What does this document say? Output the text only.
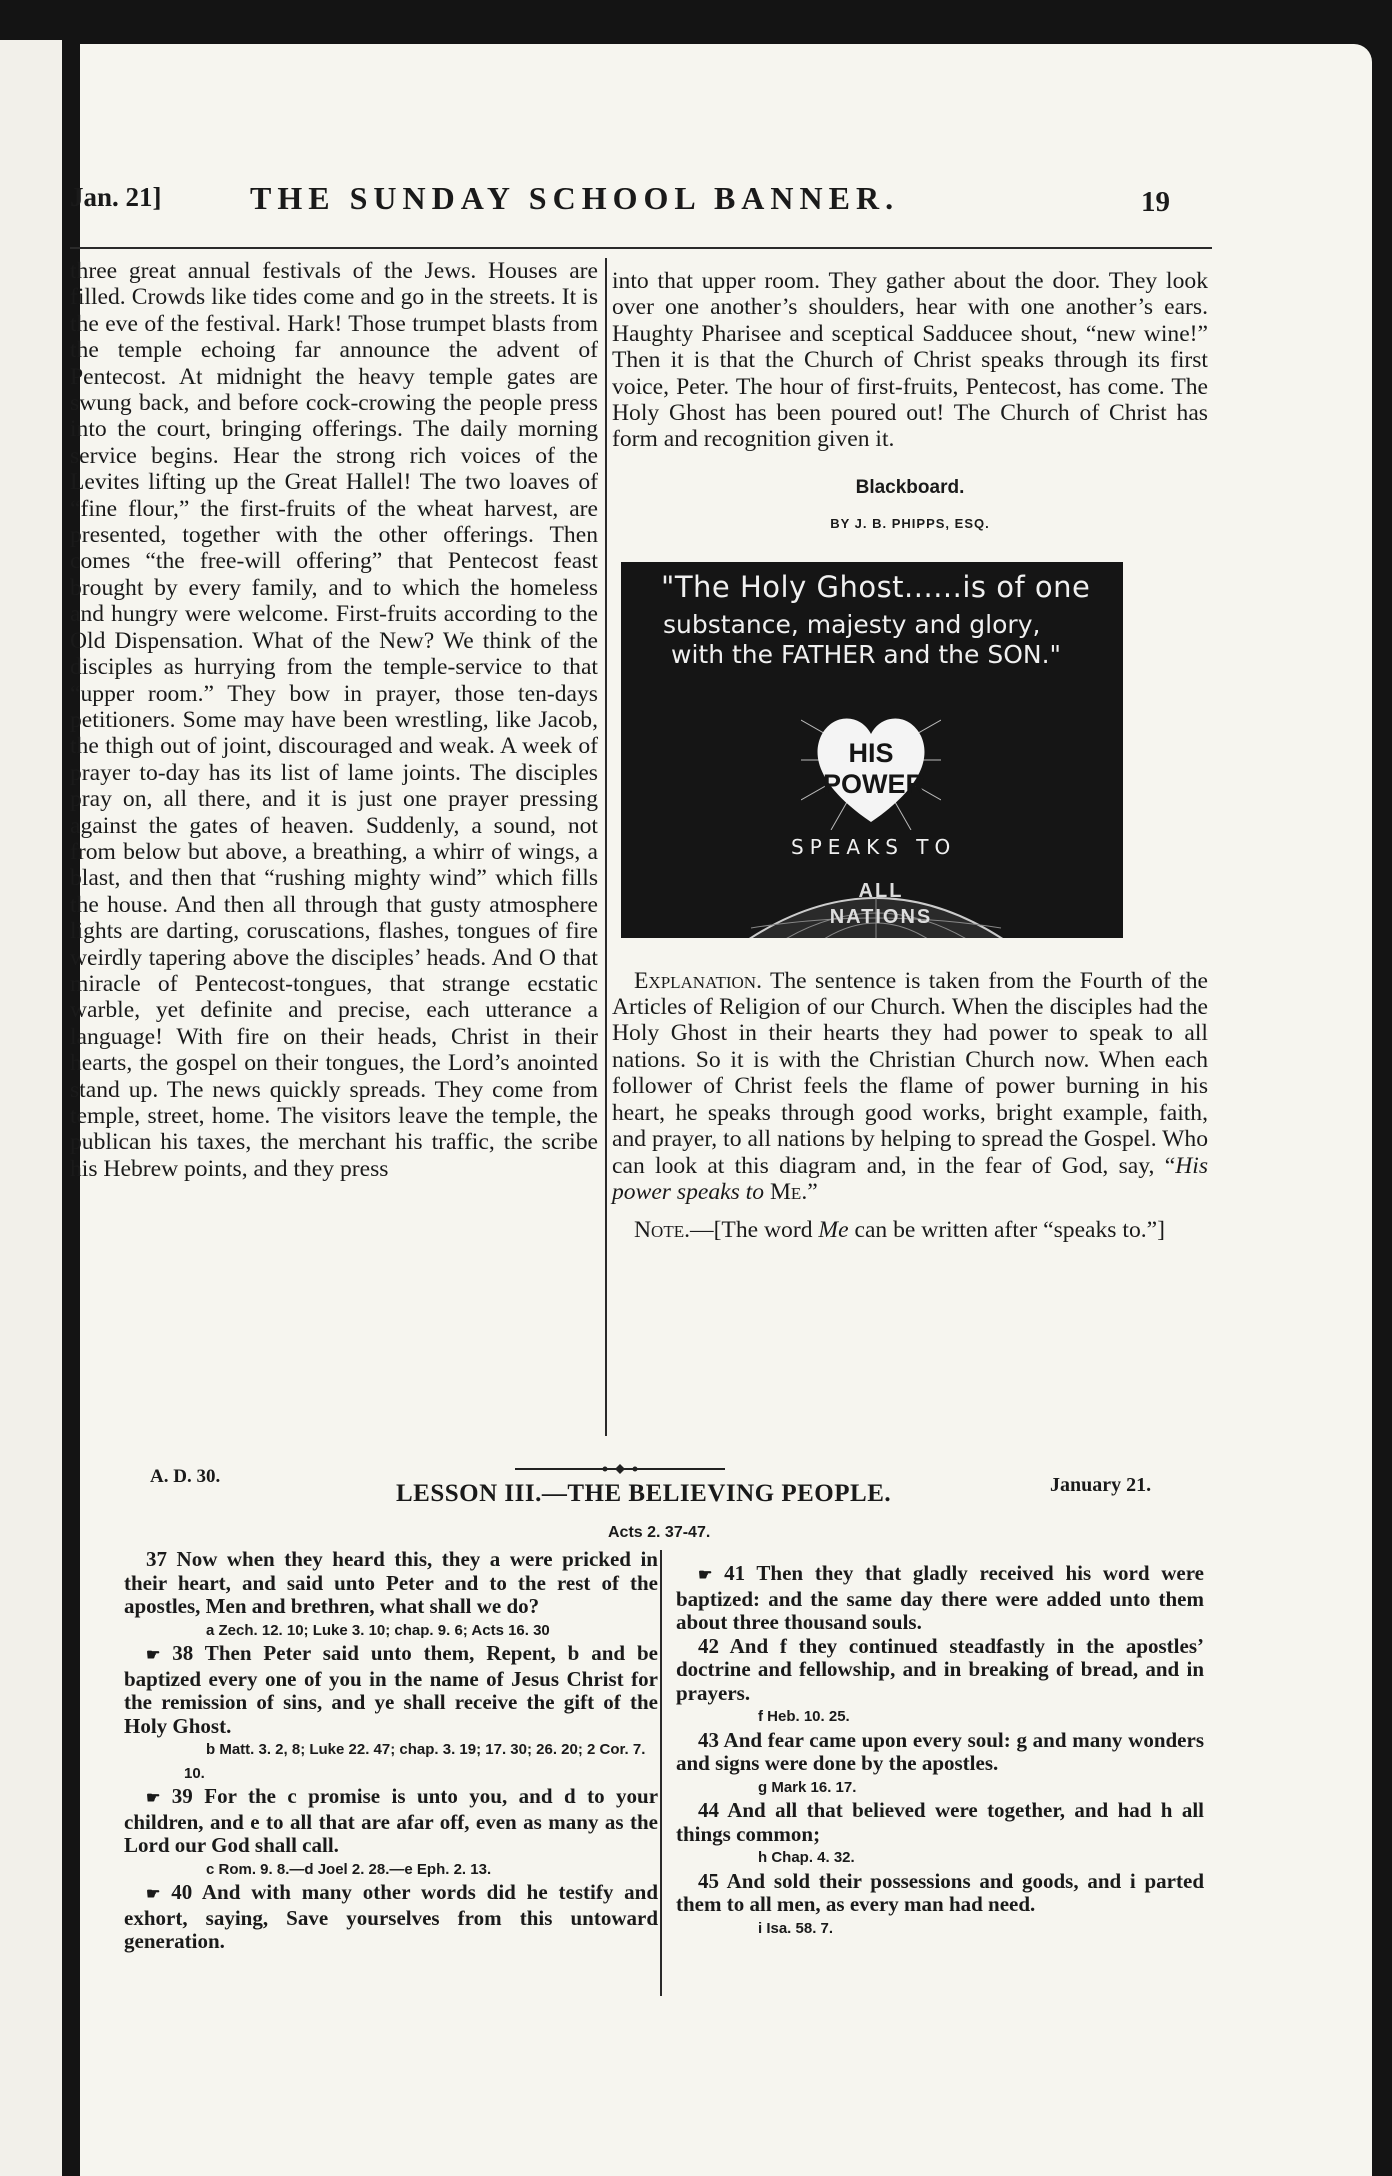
Jan. 21]	THE SUNDAY SCHOOL BANNER.	19

three great annual festivals of the Jews. Houses are filled. Crowds like tides come and go in the streets. It is the eve of the festival. Hark! Those trumpet blasts from the temple echoing far announce the advent of Pentecost. At midnight the heavy temple gates are swung back, and before cock-crowing the people press into the court, bringing offerings. The daily morning service begins. Hear the strong rich voices of the Levites lifting up the Great Hallel! The two loaves of “fine flour,” the first-fruits of the wheat harvest, are presented, together with the other offerings. Then comes “the free-will offering” that Pentecost feast brought by every family, and to which the homeless and hungry were welcome. First-fruits according to the Old Dispensation. What of the New? We think of the disciples as hurrying from the temple-service to that “upper room.” They bow in prayer, those ten-days petitioners. Some may have been wrestling, like Jacob, the thigh out of joint, discouraged and weak. A week of prayer to-day has its list of lame joints. The disciples pray on, all there, and it is just one prayer pressing against the gates of heaven. Suddenly, a sound, not from below but above, a breathing, a whirr of wings, a blast, and then that “rushing mighty wind” which fills the house. And then all through that gusty atmosphere lights are darting, coruscations, flashes, tongues of fire weirdly tapering above the disciples’ heads. And O that miracle of Pentecost-tongues, that strange ecstatic warble, yet definite and precise, each utterance a language! With fire on their heads, Christ in their hearts, the gospel on their tongues, the Lord’s anointed stand up. The news quickly spreads. They come from temple, street, home. The visitors leave the temple, the publican his taxes, the merchant his traffic, the scribe his Hebrew points, and they press

into that upper room. They gather about the door. They look over one another’s shoulders, hear with one another’s ears. Haughty Pharisee and sceptical Sadducee shout, “new wine!” Then it is that the Church of Christ speaks through its first voice, Peter. The hour of first-fruits, Pentecost, has come. The Holy Ghost has been poured out! The Church of Christ has form and recognition given it.

Blackboard.
BY J. B. PHIPPS, ESQ.
"The Holy Ghost......is of one
substance, majesty and glory,
with the FATHER and the SON."
HIS POWER
SPEAKS TO
ALL NATIONS

Explanation. The sentence is taken from the Fourth of the Articles of Religion of our Church. When the disciples had the Holy Ghost in their hearts they had power to speak to all nations. So it is with the Christian Church now. When each follower of Christ feels the flame of power burning in his heart, he speaks through good works, bright example, faith, and prayer, to all nations by helping to spread the Gospel. Who can look at this diagram and, in the fear of God, say, “His power speaks to Me.”

Note.—[The word Me can be written after “speaks to.”]

A. D. 30.	January 21.
LESSON III.—THE BELIEVING PEOPLE.
Acts 2. 37-47.

37 Now when they heard this, they a were pricked in their heart, and said unto Peter and to the rest of the apostles, Men and brethren, what shall we do?

a Zech. 12. 10; Luke 3. 10; chap. 9. 6; Acts 16. 30

☛ 38 Then Peter said unto them, Repent, b and be baptized every one of you in the name of Jesus Christ for the remission of sins, and ye shall receive the gift of the Holy Ghost.

b Matt. 3. 2, 8; Luke 22. 47; chap. 3. 19; 17. 30; 26. 20; 2 Cor. 7. 10.

☛ 39 For the c promise is unto you, and d to your children, and e to all that are afar off, even as many as the Lord our God shall call.

c Rom. 9. 8.—d Joel 2. 28.—e Eph. 2. 13.

☛ 40 And with many other words did he testify and exhort, saying, Save yourselves from this untoward generation.

☛ 41 Then they that gladly received his word were baptized: and the same day there were added unto them about three thousand souls.

42 And f they continued steadfastly in the apostles’ doctrine and fellowship, and in breaking of bread, and in prayers.

f Heb. 10. 25.

43 And fear came upon every soul: g and many wonders and signs were done by the apostles.

g Mark 16. 17.

44 And all that believed were together, and had h all things common;

h Chap. 4. 32.

45 And sold their possessions and goods, and i parted them to all men, as every man had need.

i Isa. 58. 7.
